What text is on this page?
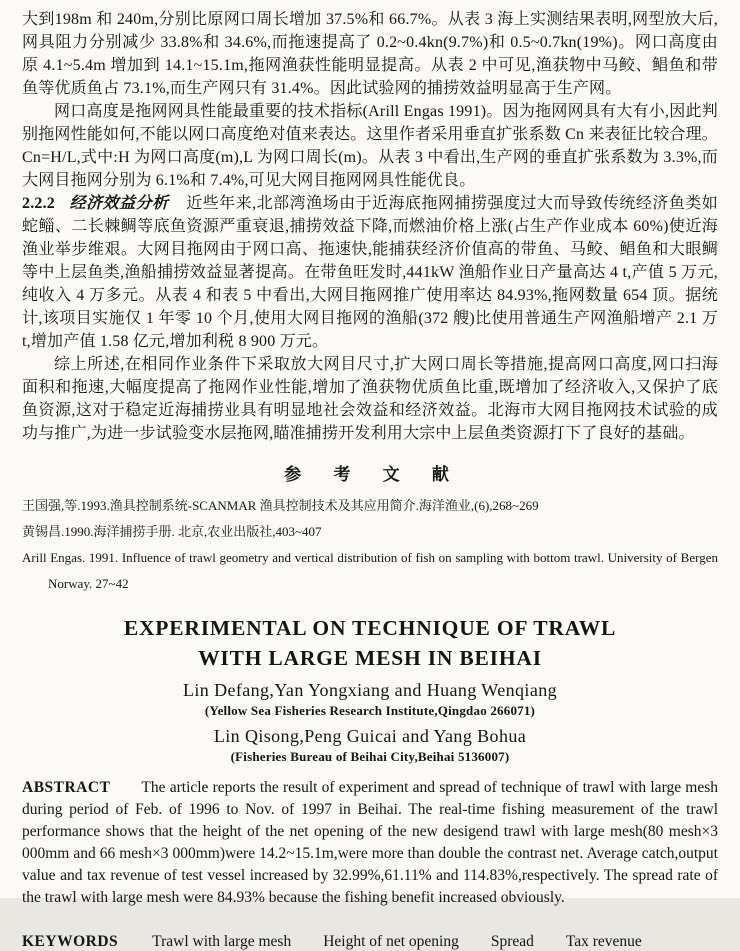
大到198m 和 240m,分别比原网口周长增加 37.5%和 66.7%。从表 3 海上实测结果表明,网型放大后,网具阻力分别减少 33.8%和 34.6%,而拖速提高了 0.2~0.4kn(9.7%)和 0.5~0.7kn(19%)。网口高度由原 4.1~5.4m 增加到 14.1~15.1m,拖网渔获性能明显提高。从表 2 中可见,渔获物中马鲛、鲳鱼和带鱼等优质鱼占 73.1%,而生产网只有 31.4%。因此试验网的捕捞效益明显高于生产网。

网口高度是拖网网具性能最重要的技术指标(Arill Engas 1991)。因为拖网网具有大有小,因此判别拖网性能如何,不能以网口高度绝对值来表达。这里作者采用垂直扩张系数 Cn 来表征比较合理。Cn=H/L,式中:H 为网口高度(m),L 为网口周长(m)。从表 3 中看出,生产网的垂直扩张系数为 3.3%,而大网目拖网分别为 6.1%和 7.4%,可见大网目拖网网具性能优良。

2.2.2 经济效益分析 近些年来,北部湾渔场由于近海底拖网捕捞强度过大而导致传统经济鱼类如蛇鲻、二长棘鲷等底鱼资源严重衰退,捕捞效益下降,而燃油价格上涨(占生产作业成本 60%)使近海渔业举步维艰。大网目拖网由于网口高、拖速快,能捕获经济价值高的带鱼、马鲛、鲳鱼和大眼鲷等中上层鱼类,渔船捕捞效益显著提高。在带鱼旺发时,441kW 渔船作业日产量高达 4 t,产值 5 万元,纯收入 4 万多元。从表 4 和表 5 中看出,大网目拖网推广使用率达 84.93%,拖网数量 654 顶。据统计,该项目实施仅 1 年零 10 个月,使用大网目拖网的渔船(372 艘)比使用普通生产网渔船增产 2.1 万 t,增加产值 1.58 亿元,增加利税 8 900 万元。

综上所述,在相同作业条件下采取放大网目尺寸,扩大网口周长等措施,提高网口高度,网口扫海面积和拖速,大幅度提高了拖网作业性能,增加了渔获物优质鱼比重,既增加了经济收入,又保护了底鱼资源,这对于稳定近海捕捞业具有明显地社会效益和经济效益。北海市大网目拖网技术试验的成功与推广,为进一步试验变水层拖网,瞄准捕捞开发利用大宗中上层鱼类资源打下了良好的基础。

参 考 文 献

王国强,等.1993.渔具控制系统-SCANMAR 渔具控制技术及其应用简介.海洋渔业,(6),268~269

黄锡昌.1990.海洋捕捞手册. 北京,农业出版社,403~407

Arill Engas. 1991. Influence of trawl geometry and vertical distribution of fish on sampling with bottom trawl. University of Bergen Norway. 27~42

EXPERIMENTAL ON TECHNIQUE OF TRAWL
WITH LARGE MESH IN BEIHAI

Lin Defang,Yan Yongxiang and Huang Wenqiang

(Yellow Sea Fisheries Research Institute,Qingdao 266071)

Lin Qisong,Peng Guicai and Yang Bohua

(Fisheries Bureau of Beihai City,Beihai 5136007)

ABSTRACT The article reports the result of experiment and spread of technique of trawl with large mesh during period of Feb. of 1996 to Nov. of 1997 in Beihai. The real-time fishing measurement of the trawl performance shows that the height of the net opening of the new desigend trawl with large mesh(80 mesh×3 000mm and 66 mesh×3 000mm)were 14.2~15.1m,were more than double the contrast net. Average catch,output value and tax revenue of test vessel increased by 32.99%,61.11% and 114.83%,respectively. The spread rate of the trawl with large mesh were 84.93% because the fishing benefit increased obviously.

KEYWORDS Trawl with large mesh Height of net opening Spread Tax revenue
